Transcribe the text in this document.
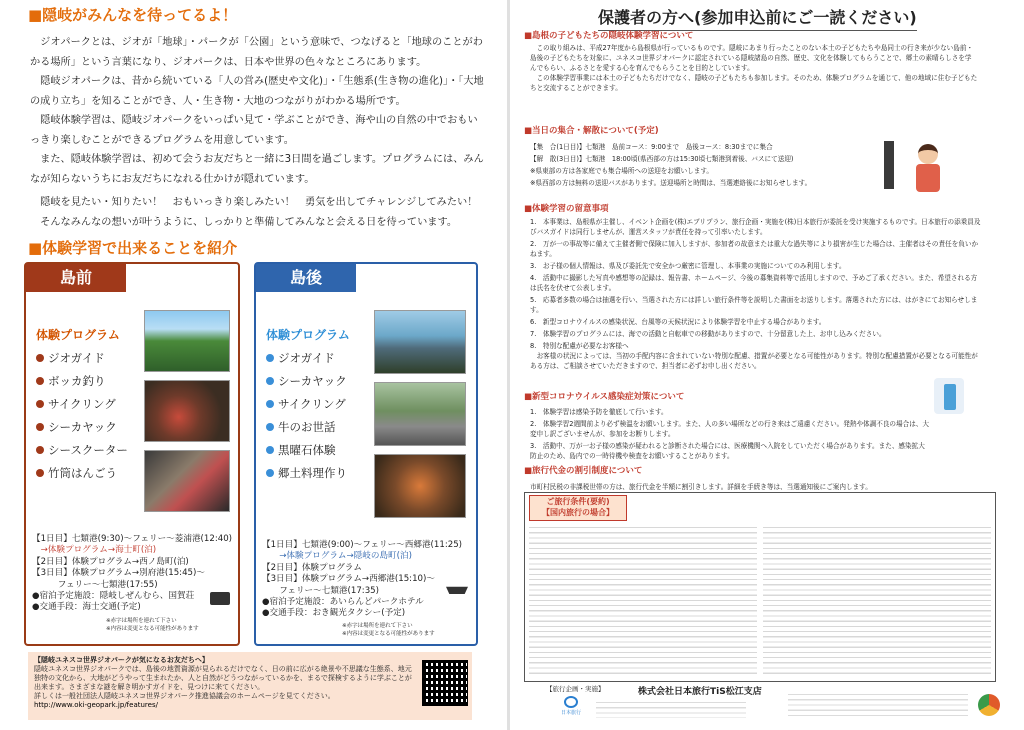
■隠岐がみんなを待ってるよ！
　ジオパークとは、ジオが「地球」・パークが「公園」という意味で、つなげると「地球のことがわかる場所」という言葉になり、ジオパークは、日本や世界の色々なところにあります。
　隠岐ジオパークは、昔から続いている「人の営み(歴史や文化)」・「生態系(生き物の進化)」・「大地の成り立ち」を知ることができ、人・生き物・大地のつながりがわかる場所です。
　隠岐体験学習は、隠岐ジオパークをいっぱい見て・学ぶことができ、海や山の自然の中でおもいっきり楽しむことができるプログラムを用意しています。
　また、隠岐体験学習は、初めて会うお友だちと一緒に3日間を過ごします。プログラムには、みんなが知らないうちにお友だちになれる仕かけが隠れています。
　隠岐を見たい・知りたい！　おもいっきり楽しみたい！　勇気を出してチャレンジしてみたい！
　そんなみんなの想いが叶うように、しっかりと準備してみんなと会える日を待っています。
■体験学習で出来ることを紹介
島前
体験プログラム
ジオガイド
ボッカ釣り
サイクリング
シーカヤック
シースクーター
竹筒はんごう
【1日目】七類港(9:30)～フェリー～菱浦港(12:40)
　→体験プログラム→海士町(泊)
【2日目】体験プログラム→西ノ島町(泊)
【3日目】体験プログラム→別府港(15:45)～
　　　フェリー～七類港(17:55)
●宿泊予定施設：隠岐しぜんむら、国賀荘
●交通手段：海士交通(予定)
※赤字は場所を連れて下さい
※内容は変更となる可能性があります
島後
体験プログラム
ジオガイド
シーカヤック
サイクリング
牛のお世話
黒曜石体験
郷土料理作り
【1日目】七類港(9:00)～フェリー～西郷港(11:25)
　　→体験プログラム→隠岐の島町(泊)
【2日目】体験プログラム
【3日目】体験プログラム→西郷港(15:10)～
　　フェリー～七類港(17:35)
●宿泊予定施設：あいらんどパークホテル
●交通手段：おき観光タクシー(予定)
※赤字は場所を連れて下さい
※内容は変更となる可能性があります
【隠岐ユネスコ世界ジオパークが気になるお友だちへ】
隠岐ユネスコ世界ジオパークでは、島後の地質資源が見られるだけでなく、日の前に広がる絶景や不思議な生態系、地元独特の文化から、大地がどうやって生まれたか、人と自然がどうつながっているかを、まるで探検するように学ぶことが出来ます。さまざまな謎を解き明かすガイドを、見つけに来てください。
詳しくは一般社団法人隠岐ユネスコ世界ジオパーク推進協議会のホームページを見てください。
http://www.oki-geopark.jp/features/
保護者の方へ(参加申込前にご一読ください)
■島根の子どもたちの隠岐体験学習について
　この取り組みは、平成27年度から島根県が行っているものです。隠岐にあまり行ったことのない本土の子どもたちや島同士の行き来が少ない島前・島後の子どもたちを対象に、ユネスコ世界ジオパークに認定されている隠岐諸島の自然、歴史、文化を体験してもらうことで、郷土の素晴らしさを学んでもらい、ふるさとを愛する心を育んでもらうことを目的としています。
　この体験学習事業には本土の子どもたちだけでなく、隠岐の子どもたちも参加します。そのため、体験プログラムを通じて、他の地域に住む子どもたちと交流することができます。
■当日の集合・解散について(予定)
【集　合(1日目)】七類港　島前コース：9:00まで　島後コース：8:30までに集合
【解　散(3日目)】七類港　18:00頃(県西部の方は15:30頃七類港到着後、バスにて送迎)
※県東部の方は各家庭でも集合場所への送迎をお願いします。
※県西部の方は無料の送迎バスがあります。送迎場所と時間は、当選連絡後にお知らせします。
■体験学習の留意事項
1.　本事業は、島根県が主催し、イベント企画を(株)エブリプラン、旅行企画・実施を(株)日本旅行が委託を受け実施するものです。日本旅行の添乗員及びバスガイドは同行しませんが、運営スタッフが責任を持って引率いたします。
2.　万が一の事故等に備えて主催者側で保険に加入しますが、参加者の故意または重大な過失等により損害が生じた場合は、主催者はその責任を負いかねます。
3.　お子様の個人情報は、県及び委託先で安全かつ厳密に管理し、本事業の実施についてのみ利用します。
4.　活動中に撮影した写真や感想等の記録は、報告書、ホームページ、今後の募集資料等で活用しますので、予めご了承ください。また、希望される方は氏名を伏せて公表します。
5.　応募者多数の場合は抽選を行い、当選された方には詳しい旅行条件等を説明した書面をお送りします。落選された方には、はがきにてお知らせします。
6.　新型コロナウイルスの感染状況、台風等の天候状況により体験学習を中止する場合があります。
7.　体験学習のプログラムには、海での活動と自転車での移動がありますので、十分留意した上、お申し込みください。
8.　特別な配慮が必要なお客様へ
　お客様の状況によっては、当初の手配内容に含まれていない特別な配慮、措置が必要となる可能性があります。特別な配慮措置が必要となる可能性がある方は、ご相談させていただきますので、担当者に必ずお申し出ください。
■新型コロナウイルス感染症対策について
1.　体験学習は感染予防を徹底して行います。
2.　体験学習2週間前より必ず検温をお願いします。また、人の多い場所などの行き来はご遠慮ください。発熱や体調不良の場合は、大変申し訳ございませんが、参加をお断りします。
3.　活動中、万が一お子様の感染が疑われると診断された場合には、医療機関へ入院をしていただく場合があります。また、感染拡大防止のため、島内での一時待機や検査をお願いすることがあります。
■旅行代金の割引制度について
市町村民税の非課税世帯の方は、旅行代金を半額に割引きします。詳細を手続き等は、当選通知後にご案内します。
ご旅行条件(要約)
【国内旅行の場合】
【旅行企画・実施】	株式会社日本旅行TiS松江支店
日本旅行
